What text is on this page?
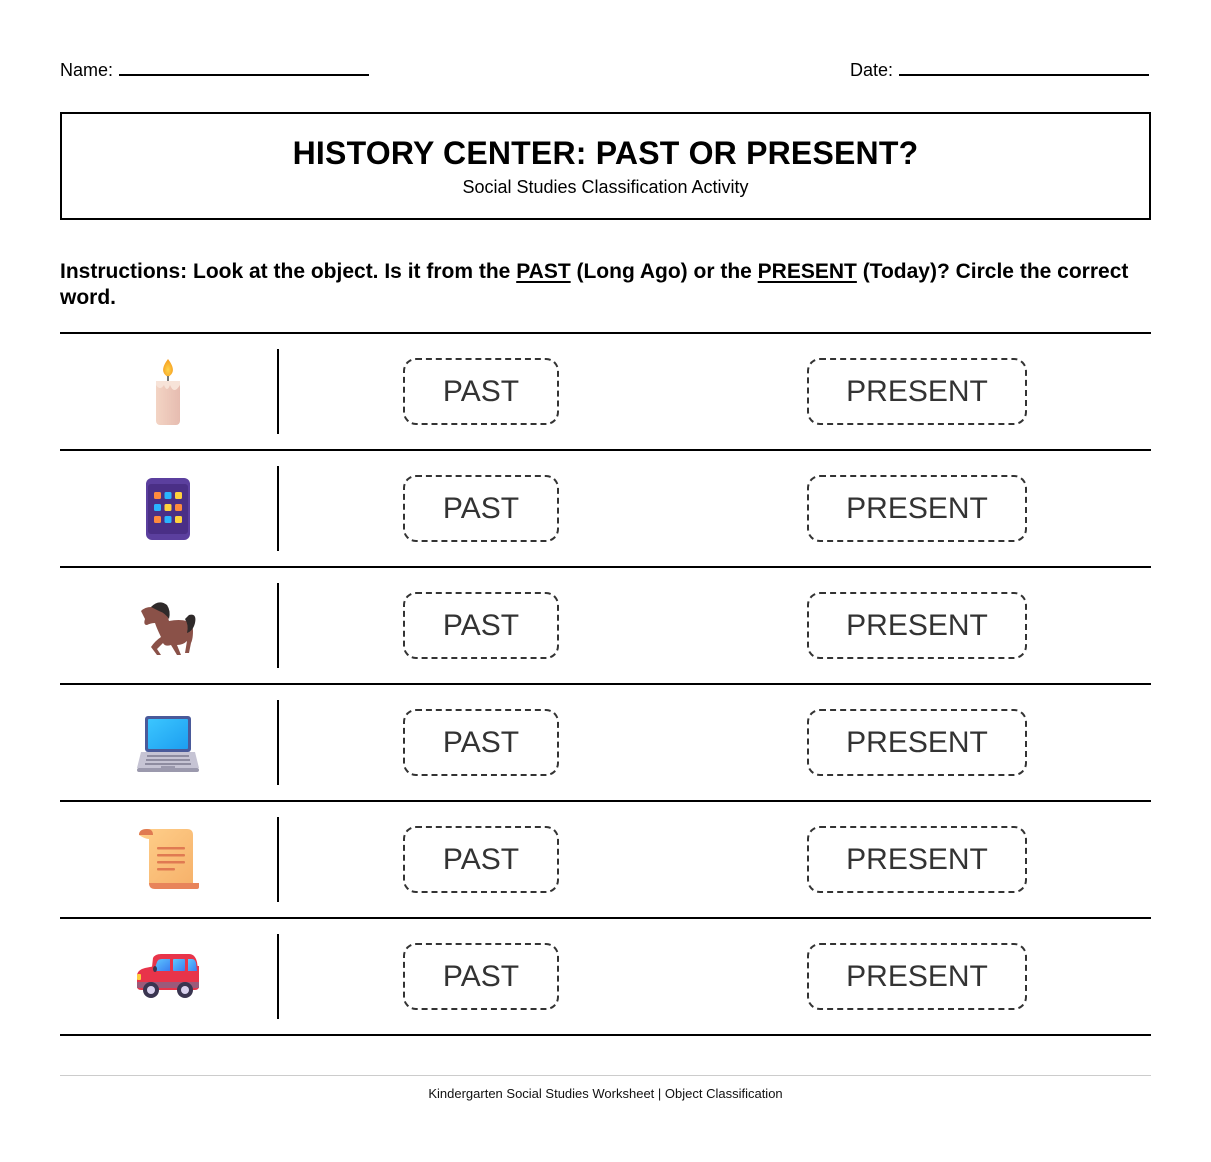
Name:	Date:
HISTORY CENTER: PAST OR PRESENT?
Social Studies Classification Activity
Instructions: Look at the object. Is it from the PAST (Long Ago) or the PRESENT (Today)? Circle the correct word.
PAST	PRESENT
PAST	PRESENT
PAST	PRESENT
PAST	PRESENT
PAST	PRESENT
PAST	PRESENT
Kindergarten Social Studies Worksheet | Object Classification
